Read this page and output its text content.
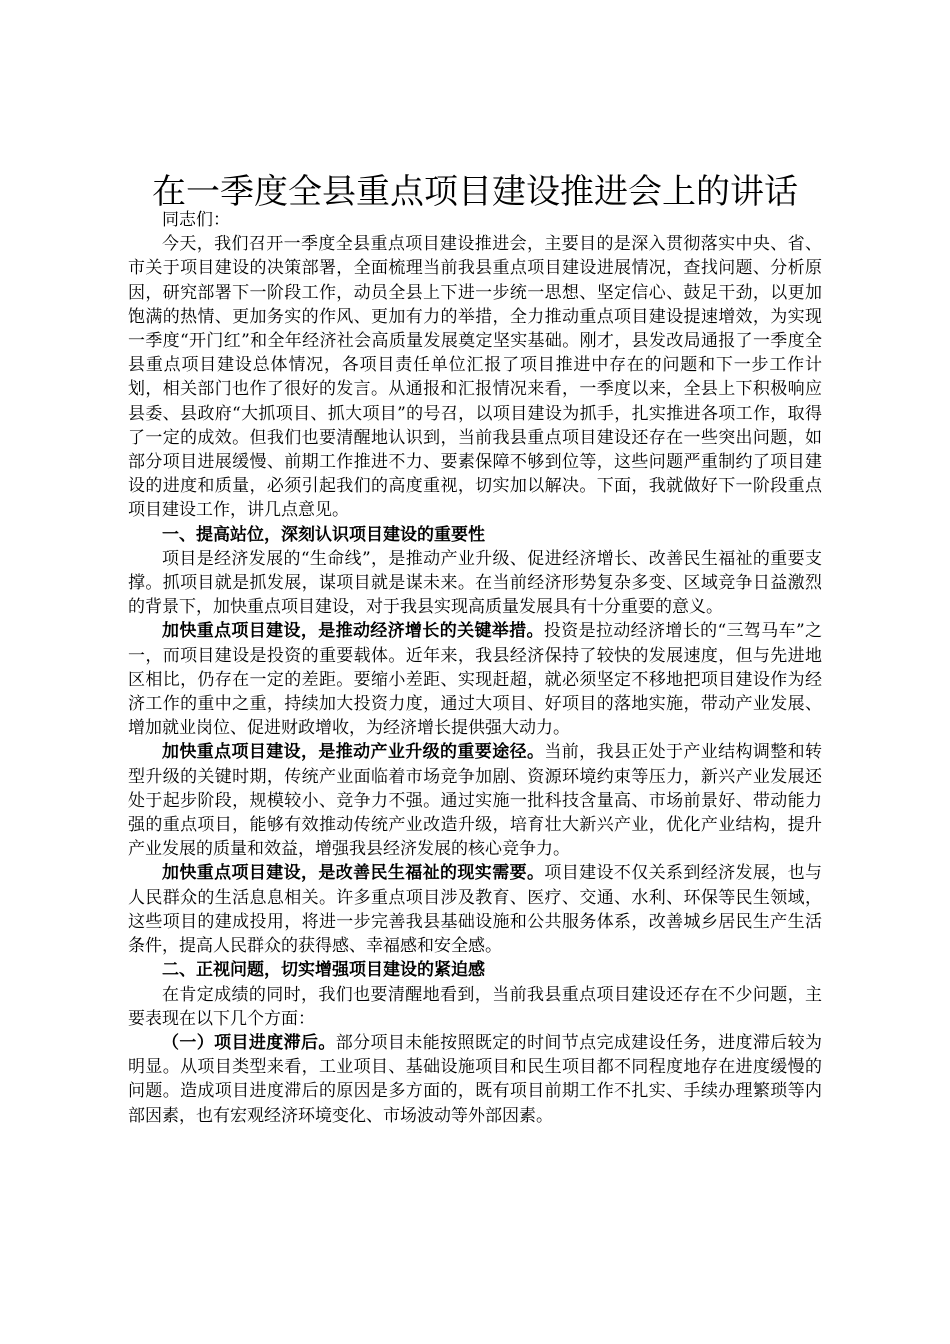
在一季度全县重点项目建设推进会上的讲话

同志们：

今天，我们召开一季度全县重点项目建设推进会，主要目的是深入贯彻落实中央、省、市关于项目建设的决策部署，全面梳理当前我县重点项目建设进展情况，查找问题、分析原因，研究部署下一阶段工作，动员全县上下进一步统一思想、坚定信心、鼓足干劲，以更加饱满的热情、更加务实的作风、更加有力的举措，全力推动重点项目建设提速增效，为实现一季度“开门红”和全年经济社会高质量发展奠定坚实基础。刚才，县发改局通报了一季度全县重点项目建设总体情况，各项目责任单位汇报了项目推进中存在的问题和下一步工作计划，相关部门也作了很好的发言。从通报和汇报情况来看，一季度以来，全县上下积极响应县委、县政府“大抓项目、抓大项目”的号召，以项目建设为抓手，扎实推进各项工作，取得了一定的成效。但我们也要清醒地认识到，当前我县重点项目建设还存在一些突出问题，如部分项目进展缓慢、前期工作推进不力、要素保障不够到位等，这些问题严重制约了项目建设的进度和质量，必须引起我们的高度重视，切实加以解决。下面，我就做好下一阶段重点项目建设工作，讲几点意见。

一、提高站位，深刻认识项目建设的重要性

项目是经济发展的“生命线”，是推动产业升级、促进经济增长、改善民生福祉的重要支撑。抓项目就是抓发展，谋项目就是谋未来。在当前经济形势复杂多变、区域竞争日益激烈的背景下，加快重点项目建设，对于我县实现高质量发展具有十分重要的意义。

加快重点项目建设，是推动经济增长的关键举措。投资是拉动经济增长的“三驾马车”之一，而项目建设是投资的重要载体。近年来，我县经济保持了较快的发展速度，但与先进地区相比，仍存在一定的差距。要缩小差距、实现赶超，就必须坚定不移地把项目建设作为经济工作的重中之重，持续加大投资力度，通过大项目、好项目的落地实施，带动产业发展、增加就业岗位、促进财政增收，为经济增长提供强大动力。

加快重点项目建设，是推动产业升级的重要途径。当前，我县正处于产业结构调整和转型升级的关键时期，传统产业面临着市场竞争加剧、资源环境约束等压力，新兴产业发展还处于起步阶段，规模较小、竞争力不强。通过实施一批科技含量高、市场前景好、带动能力强的重点项目，能够有效推动传统产业改造升级，培育壮大新兴产业，优化产业结构，提升产业发展的质量和效益，增强我县经济发展的核心竞争力。

加快重点项目建设，是改善民生福祉的现实需要。项目建设不仅关系到经济发展，也与人民群众的生活息息相关。许多重点项目涉及教育、医疗、交通、水利、环保等民生领域，这些项目的建成投用，将进一步完善我县基础设施和公共服务体系，改善城乡居民生产生活条件，提高人民群众的获得感、幸福感和安全感。

二、正视问题，切实增强项目建设的紧迫感

在肯定成绩的同时，我们也要清醒地看到，当前我县重点项目建设还存在不少问题，主要表现在以下几个方面：

（一）项目进度滞后。部分项目未能按照既定的时间节点完成建设任务，进度滞后较为明显。从项目类型来看，工业项目、基础设施项目和民生项目都不同程度地存在进度缓慢的问题。造成项目进度滞后的原因是多方面的，既有项目前期工作不扎实、手续办理繁琐等内部因素，也有宏观经济环境变化、市场波动等外部因素。
